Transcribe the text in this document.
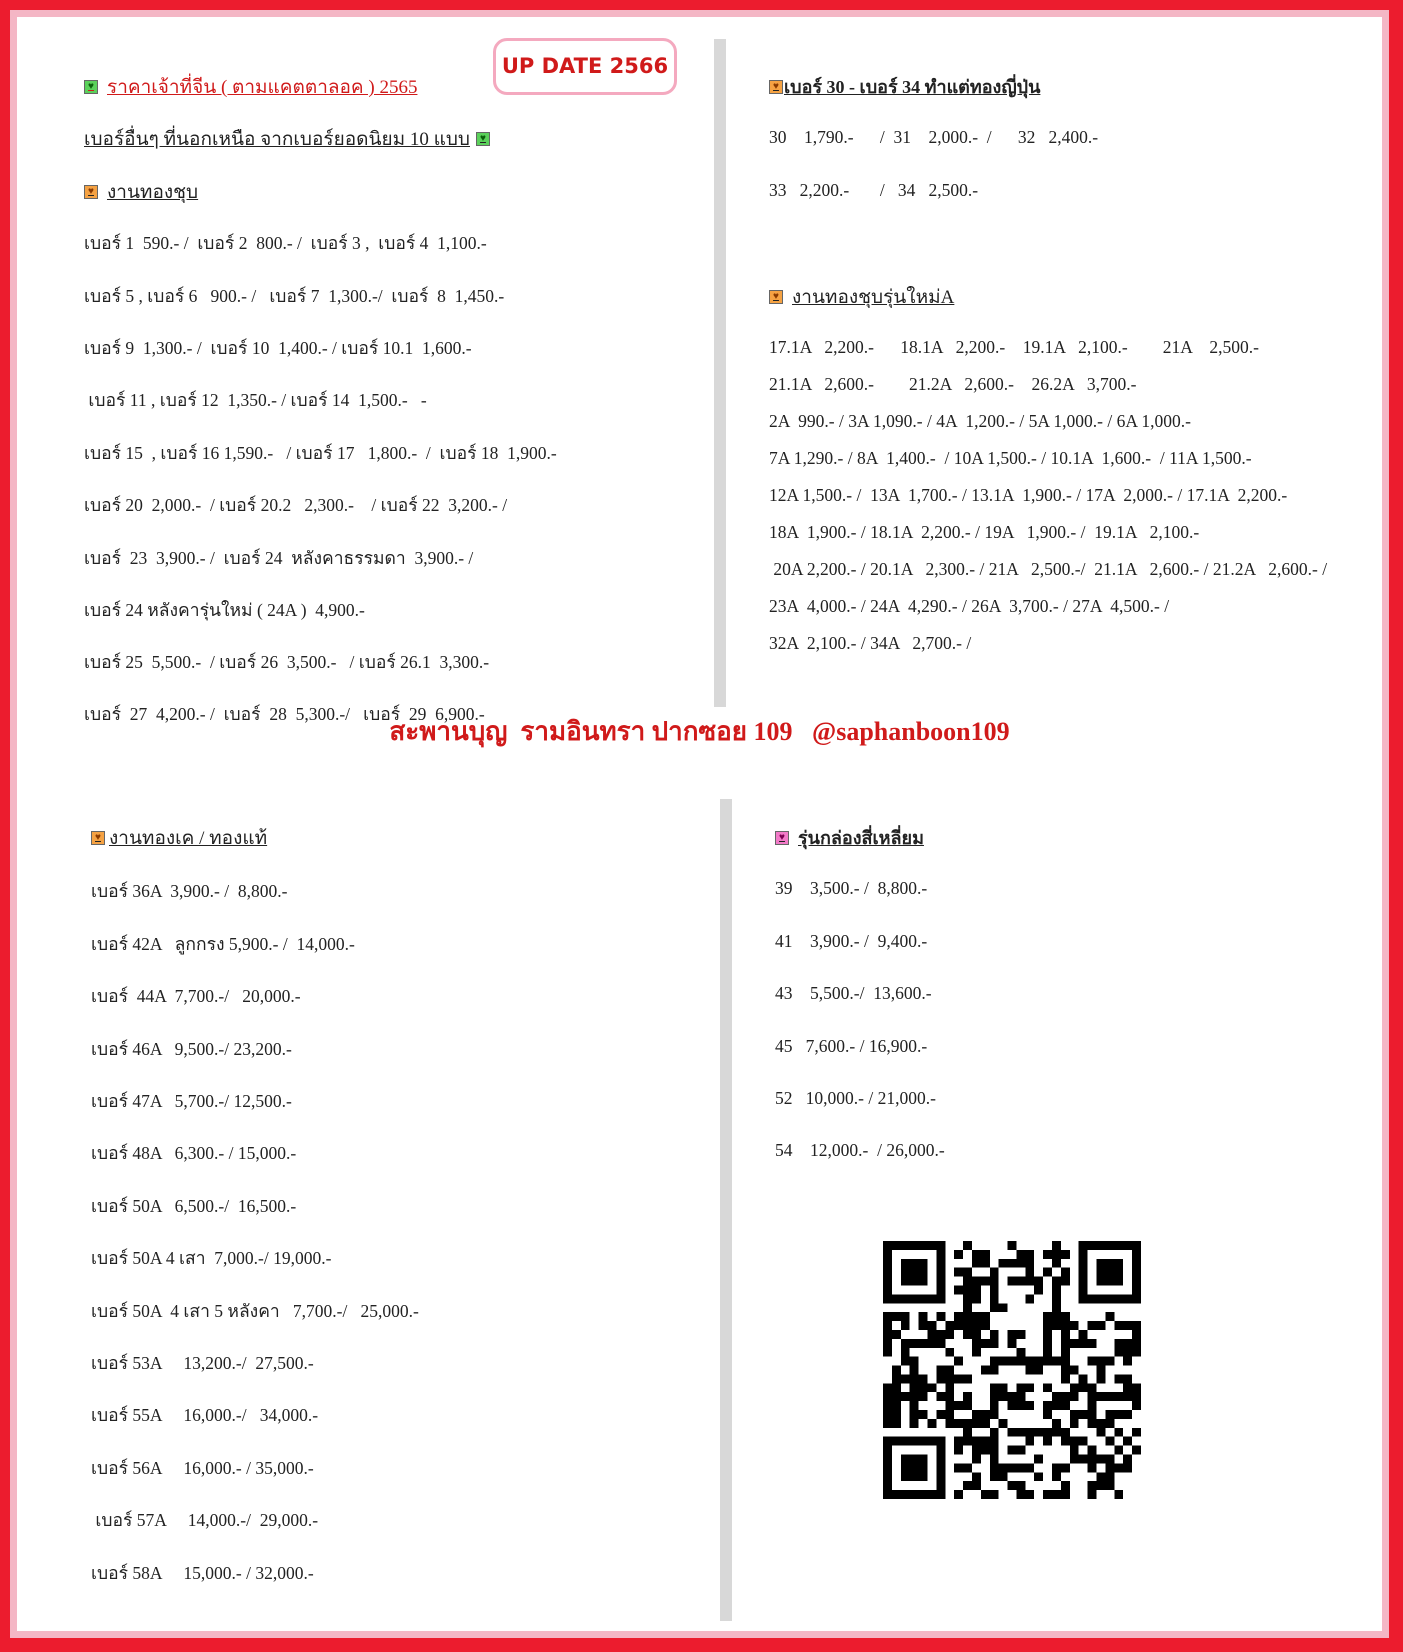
UP DATE 2566
♥ ราคาเจ้าที่จีน ( ตามแคตตาลอค ) 2565
เบอร์อื่นๆ ที่นอกเหนือ จากเบอร์ยอดนิยม 10 แบบ	♥
♥ งานทองชุบ
เบอร์ 1  590.- /  เบอร์ 2  800.- /  เบอร์ 3 ,  เบอร์ 4  1,100.-
เบอร์ 5 , เบอร์ 6   900.- /   เบอร์ 7  1,300.-/  เบอร์  8  1,450.-
เบอร์ 9  1,300.- /  เบอร์ 10  1,400.- / เบอร์ 10.1  1,600.-
เบอร์ 11 , เบอร์ 12  1,350.- / เบอร์ 14  1,500.-   -
เบอร์ 15  , เบอร์ 16 1,590.-   / เบอร์ 17   1,800.-  /  เบอร์ 18  1,900.-
เบอร์ 20  2,000.-  / เบอร์ 20.2   2,300.-    / เบอร์ 22  3,200.- /
เบอร์  23  3,900.- /  เบอร์ 24  หลังคาธรรมดา  3,900.- /
เบอร์ 24 หลังคารุ่นใหม่ ( 24A )  4,900.-
เบอร์ 25  5,500.-  / เบอร์ 26  3,500.-   / เบอร์ 26.1  3,300.-
เบอร์  27  4,200.- /  เบอร์  28  5,300.-/   เบอร์  29  6,900.-
♥ เบอร์ 30 - เบอร์ 34 ทำแต่ทองญี่ปุ่น
30    1,790.-      /  31    2,000.-  /      32   2,400.-
33   2,200.-       /   34   2,500.-
♥ งานทองชุบรุ่นใหม่A
17.1A   2,200.-      18.1A   2,200.-    19.1A   2,100.-        21A    2,500.-
21.1A   2,600.-        21.2A   2,600.-    26.2A   3,700.-
2A  990.- / 3A 1,090.- / 4A  1,200.- / 5A 1,000.- / 6A 1,000.-
7A 1,290.- / 8A  1,400.-  / 10A 1,500.- / 10.1A  1,600.-  / 11A 1,500.-
12A 1,500.- /  13A  1,700.- / 13.1A  1,900.- / 17A  2,000.- / 17.1A  2,200.-
18A  1,900.- / 18.1A  2,200.- / 19A   1,900.- /  19.1A   2,100.-
20A 2,200.- / 20.1A   2,300.- / 21A   2,500.-/  21.1A   2,600.- / 21.2A   2,600.- /
23A  4,000.- / 24A  4,290.- / 26A  3,700.- / 27A  4,500.- /
32A  2,100.- / 34A   2,700.- /
สะพานบุญ  รามอินทรา ปากซอย 109   @saphanboon109
♥ งานทองเค / ทองแท้
เบอร์ 36A  3,900.- /  8,800.-
เบอร์ 42A   ลูกกรง 5,900.- /  14,000.-
เบอร์  44A  7,700.-/   20,000.-
เบอร์ 46A   9,500.-/ 23,200.-
เบอร์ 47A   5,700.-/ 12,500.-
เบอร์ 48A   6,300.- / 15,000.-
เบอร์ 50A   6,500.-/  16,500.-
เบอร์ 50A 4 เสา  7,000.-/ 19,000.-
เบอร์ 50A  4 เสา 5 หลังคา   7,700.-/   25,000.-
เบอร์ 53A     13,200.-/  27,500.-
เบอร์ 55A     16,000.-/   34,000.-
เบอร์ 56A     16,000.- / 35,000.-
เบอร์ 57A     14,000.-/  29,000.-
เบอร์ 58A     15,000.- / 32,000.-
♥ รุ่นกล่องสี่เหลี่ยม
39    3,500.- /  8,800.-
41    3,900.- /  9,400.-
43    5,500.-/  13,600.-
45   7,600.- / 16,900.-
52   10,000.- / 21,000.-
54    12,000.-  / 26,000.-
